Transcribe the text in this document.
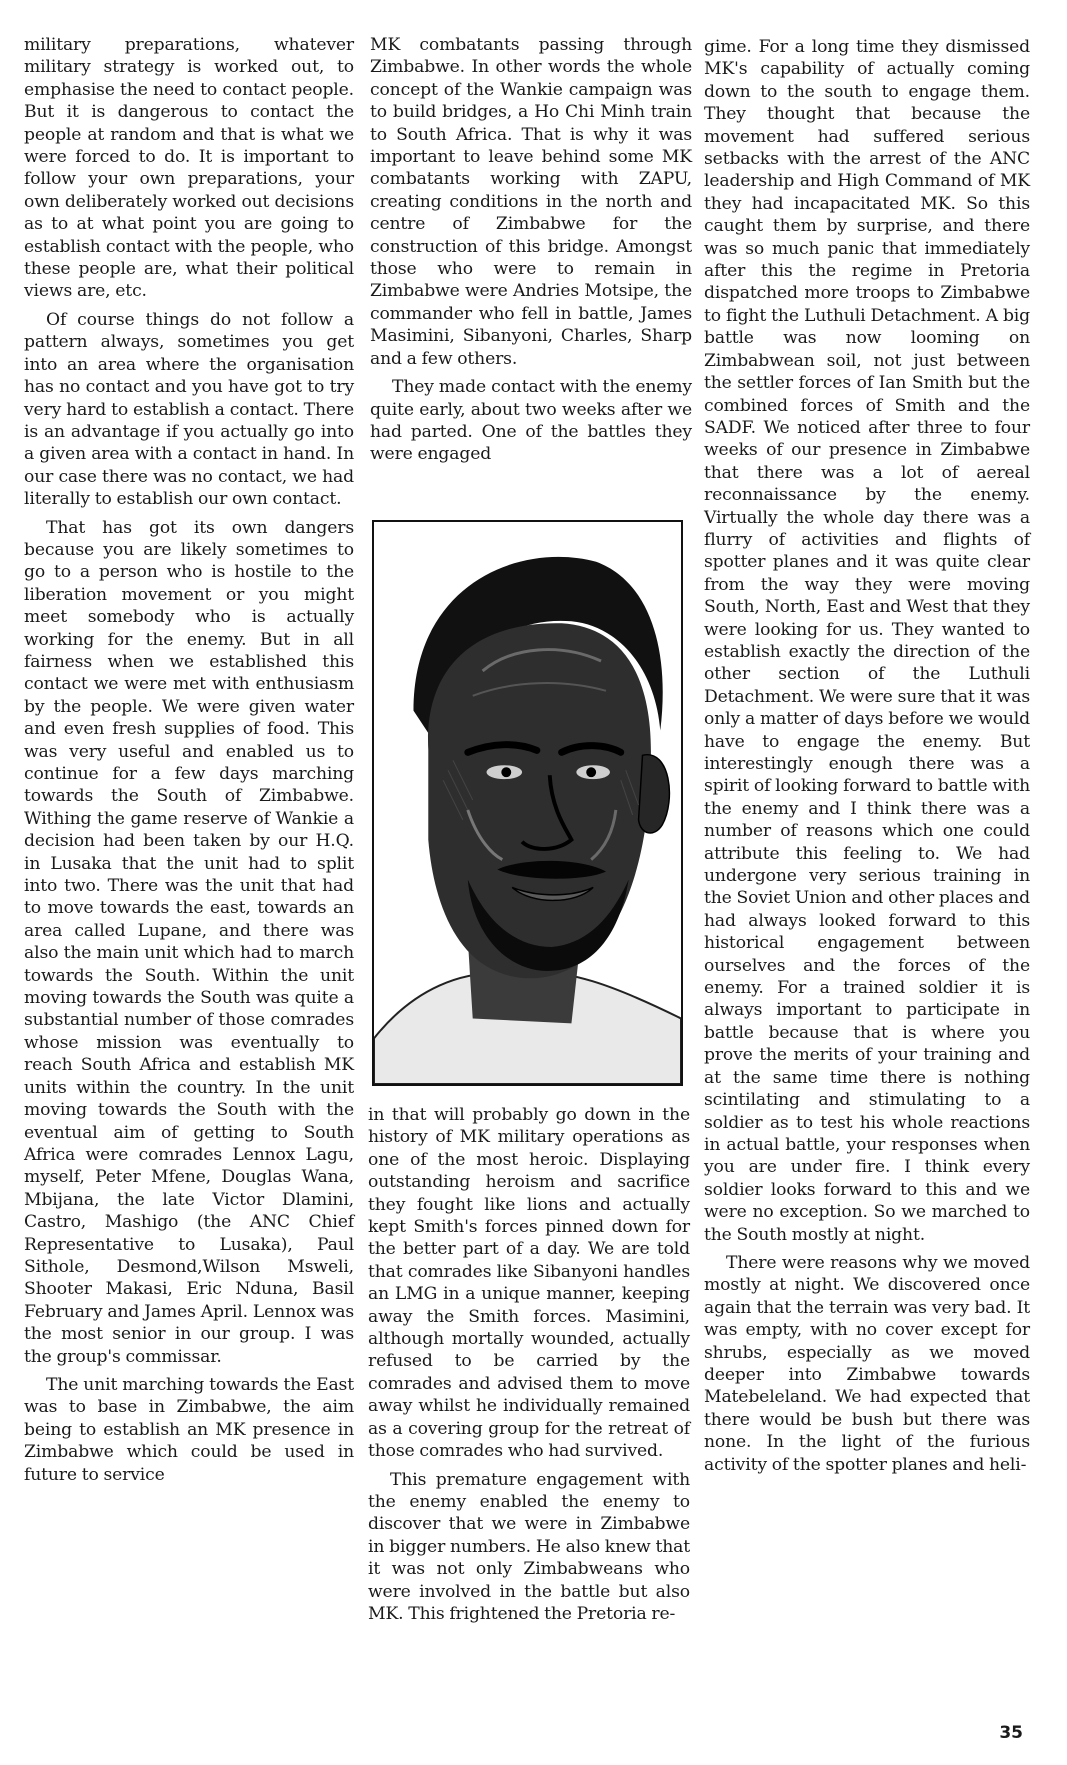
military preparations, whatever military strategy is worked out, to emphasise the need to contact people. But it is dangerous to contact the people at random and that is what we were forced to do. It is important to follow your own preparations, your own deliberately worked out decisions as to at what point you are going to establish contact with the people, who these people are, what their political views are, etc.

Of course things do not follow a pattern always, sometimes you get into an area where the organisation has no contact and you have got to try very hard to establish a contact. There is an advantage if you actually go into a given area with a contact in hand. In our case there was no contact, we had literally to establish our own contact.

That has got its own dangers because you are likely sometimes to go to a person who is hostile to the liberation movement or you might meet somebody who is actually working for the enemy. But in all fairness when we established this contact we were met with enthusiasm by the people. We were given water and even fresh supplies of food. This was very useful and enabled us to continue for a few days marching towards the South of Zimbabwe. Withing the game reserve of Wankie a decision had been taken by our H.Q. in Lusaka that the unit had to split into two. There was the unit that had to move towards the east, towards an area called Lupane, and there was also the main unit which had to march towards the South. Within the unit moving towards the South was quite a substantial number of those comrades whose mission was eventually to reach South Africa and establish MK units within the country. In the unit moving towards the South with the eventual aim of getting to South Africa were comrades Lennox Lagu, myself, Peter Mfene, Douglas Wana, Mbijana, the late Victor Dlamini, Castro, Mashigo (the ANC Chief Representative to Lusaka), Paul Sithole, Desmond,Wilson Msweli, Shooter Makasi, Eric Nduna, Basil February and James April. Lennox was the most senior in our group. I was the group's commissar.

The unit marching towards the East was to base in Zimbabwe, the aim being to establish an MK presence in Zimbabwe which could be used in future to service

MK combatants passing through Zimbabwe. In other words the whole concept of the Wankie campaign was to build bridges, a Ho Chi Minh train to South Africa. That is why it was important to leave behind some MK combatants working with ZAPU, creating conditions in the north and centre of Zimbabwe for the construction of this bridge. Amongst those who were to remain in Zimbabwe were Andries Motsipe, the commander who fell in battle, James Masimini, Sibanyoni, Charles, Sharp and a few others.

They made contact with the enemy quite early, about two weeks after we had parted. One of the battles they were engaged

in that will probably go down in the history of MK military operations as one of the most heroic. Displaying outstanding heroism and sacrifice they fought like lions and actually kept Smith's forces pinned down for the better part of a day. We are told that comrades like Sibanyoni handles an LMG in a unique manner, keeping away the Smith forces. Masimini, although mortally wounded, actually refused to be carried by the comrades and advised them to move away whilst he individually remained as a covering group for the retreat of those comrades who had survived.

This premature engagement with the enemy enabled the enemy to discover that we were in Zimbabwe in bigger numbers. He also knew that it was not only Zimbabweans who were involved in the battle but also MK. This frightened the Pretoria re-

gime. For a long time they dismissed MK's capability of actually coming down to the south to engage them. They thought that because the movement had suffered serious setbacks with the arrest of the ANC leadership and High Command of MK they had incapacitated MK. So this caught them by surprise, and there was so much panic that immediately after this the regime in Pretoria dispatched more troops to Zimbabwe to fight the Luthuli Detachment. A big battle was now looming on Zimbabwean soil, not just between the settler forces of Ian Smith but the combined forces of Smith and the SADF. We noticed after three to four weeks of our presence in Zimbabwe that there was a lot of aereal reconnaissance by the enemy. Virtually the whole day there was a flurry of activities and flights of spotter planes and it was quite clear from the way they were moving South, North, East and West that they were looking for us. They wanted to establish exactly the direction of the other section of the Luthuli Detachment. We were sure that it was only a matter of days before we would have to engage the enemy. But interestingly enough there was a spirit of looking forward to battle with the enemy and I think there was a number of reasons which one could attribute this feeling to. We had undergone very serious training in the Soviet Union and other places and had always looked forward to this historical engagement between ourselves and the forces of the enemy. For a trained soldier it is always important to participate in battle because that is where you prove the merits of your training and at the same time there is nothing scintilating and stimulating to a soldier as to test his whole reactions in actual battle, your responses when you are under fire. I think every soldier looks forward to this and we were no exception. So we marched to the South mostly at night.

There were reasons why we moved mostly at night. We discovered once again that the terrain was very bad. It was empty, with no cover except for shrubs, especially as we moved deeper into Zimbabwe towards Matebeleland. We had expected that there would be bush but there was none. In the light of the furious activity of the spotter planes and heli-

35
